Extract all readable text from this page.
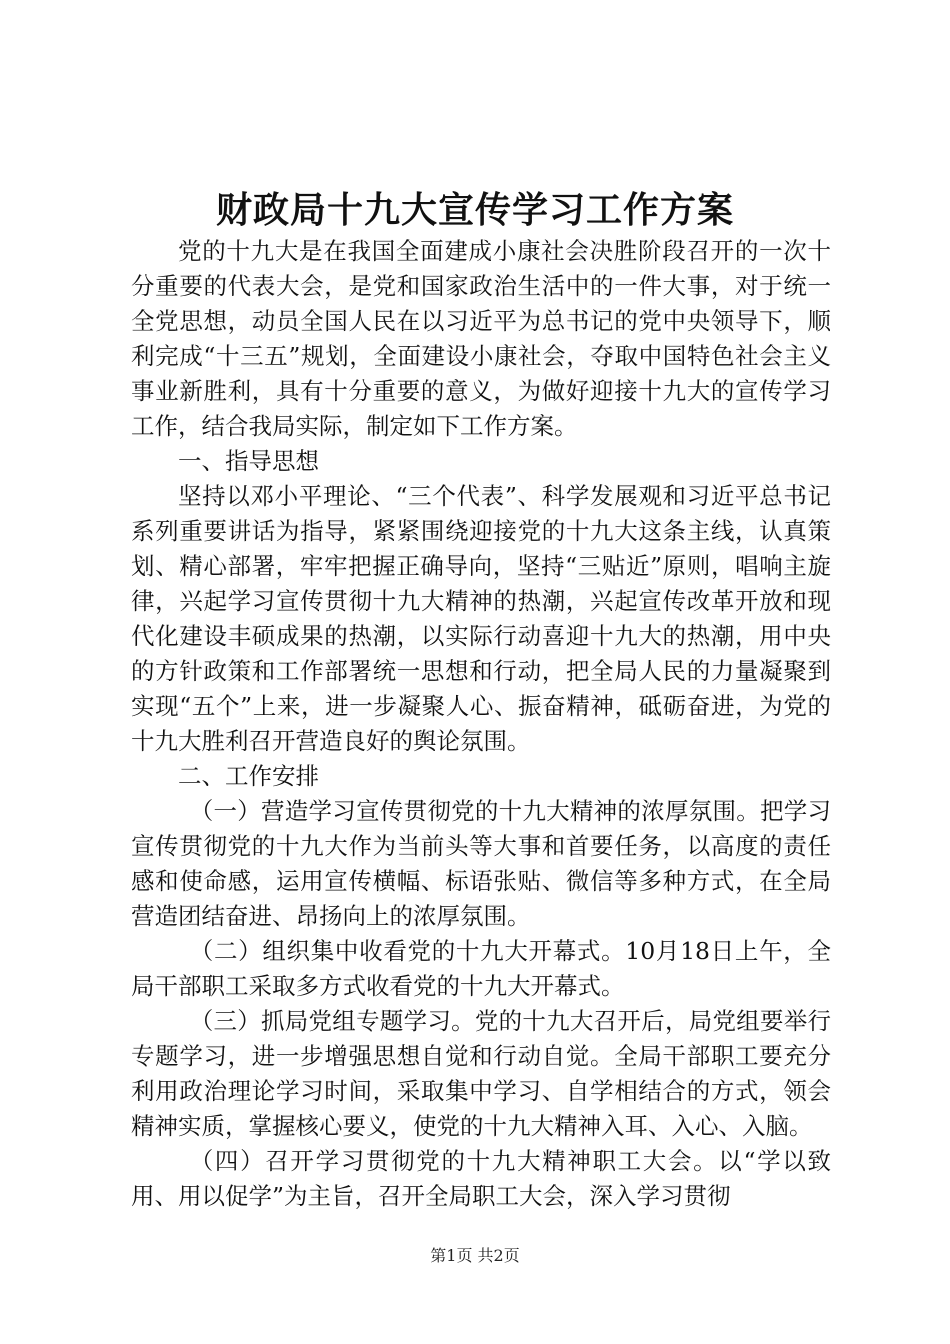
财政局十九大宣传学习工作方案

党的十九大是在我国全面建成小康社会决胜阶段召开的一次十分重要的代表大会，是党和国家政治生活中的一件大事，对于统一全党思想，动员全国人民在以习近平为总书记的党中央领导下，顺利完成“十三五”规划，全面建设小康社会，夺取中国特色社会主义事业新胜利，具有十分重要的意义，为做好迎接十九大的宣传学习工作，结合我局实际，制定如下工作方案。

一、指导思想

坚持以邓小平理论、“三个代表”、科学发展观和习近平总书记系列重要讲话为指导，紧紧围绕迎接党的十九大这条主线，认真策划、精心部署，牢牢把握正确导向，坚持“三贴近”原则，唱响主旋律，兴起学习宣传贯彻十九大精神的热潮，兴起宣传改革开放和现代化建设丰硕成果的热潮，以实际行动喜迎十九大的热潮，用中央的方针政策和工作部署统一思想和行动，把全局人民的力量凝聚到实现“五个”上来，进一步凝聚人心、振奋精神，砥砺奋进，为党的十九大胜利召开营造良好的舆论氛围。

二、工作安排

（一）营造学习宣传贯彻党的十九大精神的浓厚氛围。把学习宣传贯彻党的十九大作为当前头等大事和首要任务，以高度的责任感和使命感，运用宣传横幅、标语张贴、微信等多种方式，在全局营造团结奋进、昂扬向上的浓厚氛围。

（二）组织集中收看党的十九大开幕式。10月18日上午，全局干部职工采取多方式收看党的十九大开幕式。

（三）抓局党组专题学习。党的十九大召开后，局党组要举行专题学习，进一步增强思想自觉和行动自觉。全局干部职工要充分利用政治理论学习时间，采取集中学习、自学相结合的方式，领会精神实质，掌握核心要义，使党的十九大精神入耳、入心、入脑。

（四）召开学习贯彻党的十九大精神职工大会。以“学以致用、用以促学”为主旨，召开全局职工大会，深入学习贯彻

第1页 共2页
